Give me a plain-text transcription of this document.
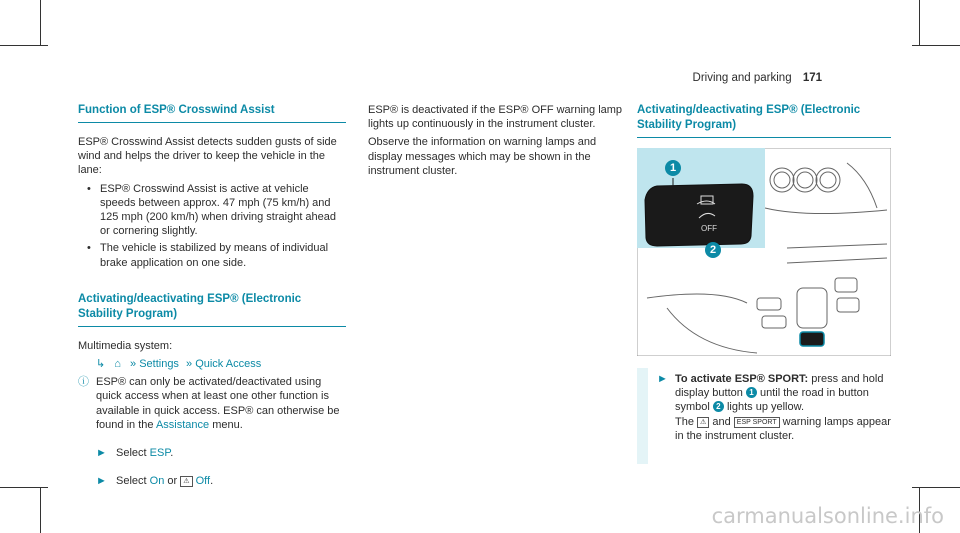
Driving and parking 171
Function of ESP® Crosswind Assist

ESP® Crosswind Assist detects sudden gusts of side wind and helps the driver to keep the vehicle in the lane:

• ESP® Crosswind Assist is active at vehicle speeds between approx. 47 mph (75 km/h) and 125 mph (200 km/h) when driving straight ahead or cornering slightly.
• The vehicle is stabilized by means of individual brake application on one side.
Activating/deactivating ESP® (Electronic Stability Program)

Multimedia system:

↳ ⌂ » Settings » Quick Access
ⓘ ESP® can only be activated/deactivated using quick access when at least one other function is available in quick access. ESP® can otherwise be found in the Assistance menu.
► Select ESP.
► Select On or ⚠ Off.

ESP® is deactivated if the ESP® OFF warning lamp lights up continuously in the instrument cluster.

Observe the information on warning lamps and display messages which may be shown in the instrument cluster.

Activating/deactivating ESP® (Electronic Stability Program)
OFF
1
2
► To activate ESP® SPORT: press and hold display button 1 until the road in button symbol 2 lights up yellow.
The ⚠ and ESP SPORT warning lamps appear in the instrument cluster.
carmanualsonline.info
